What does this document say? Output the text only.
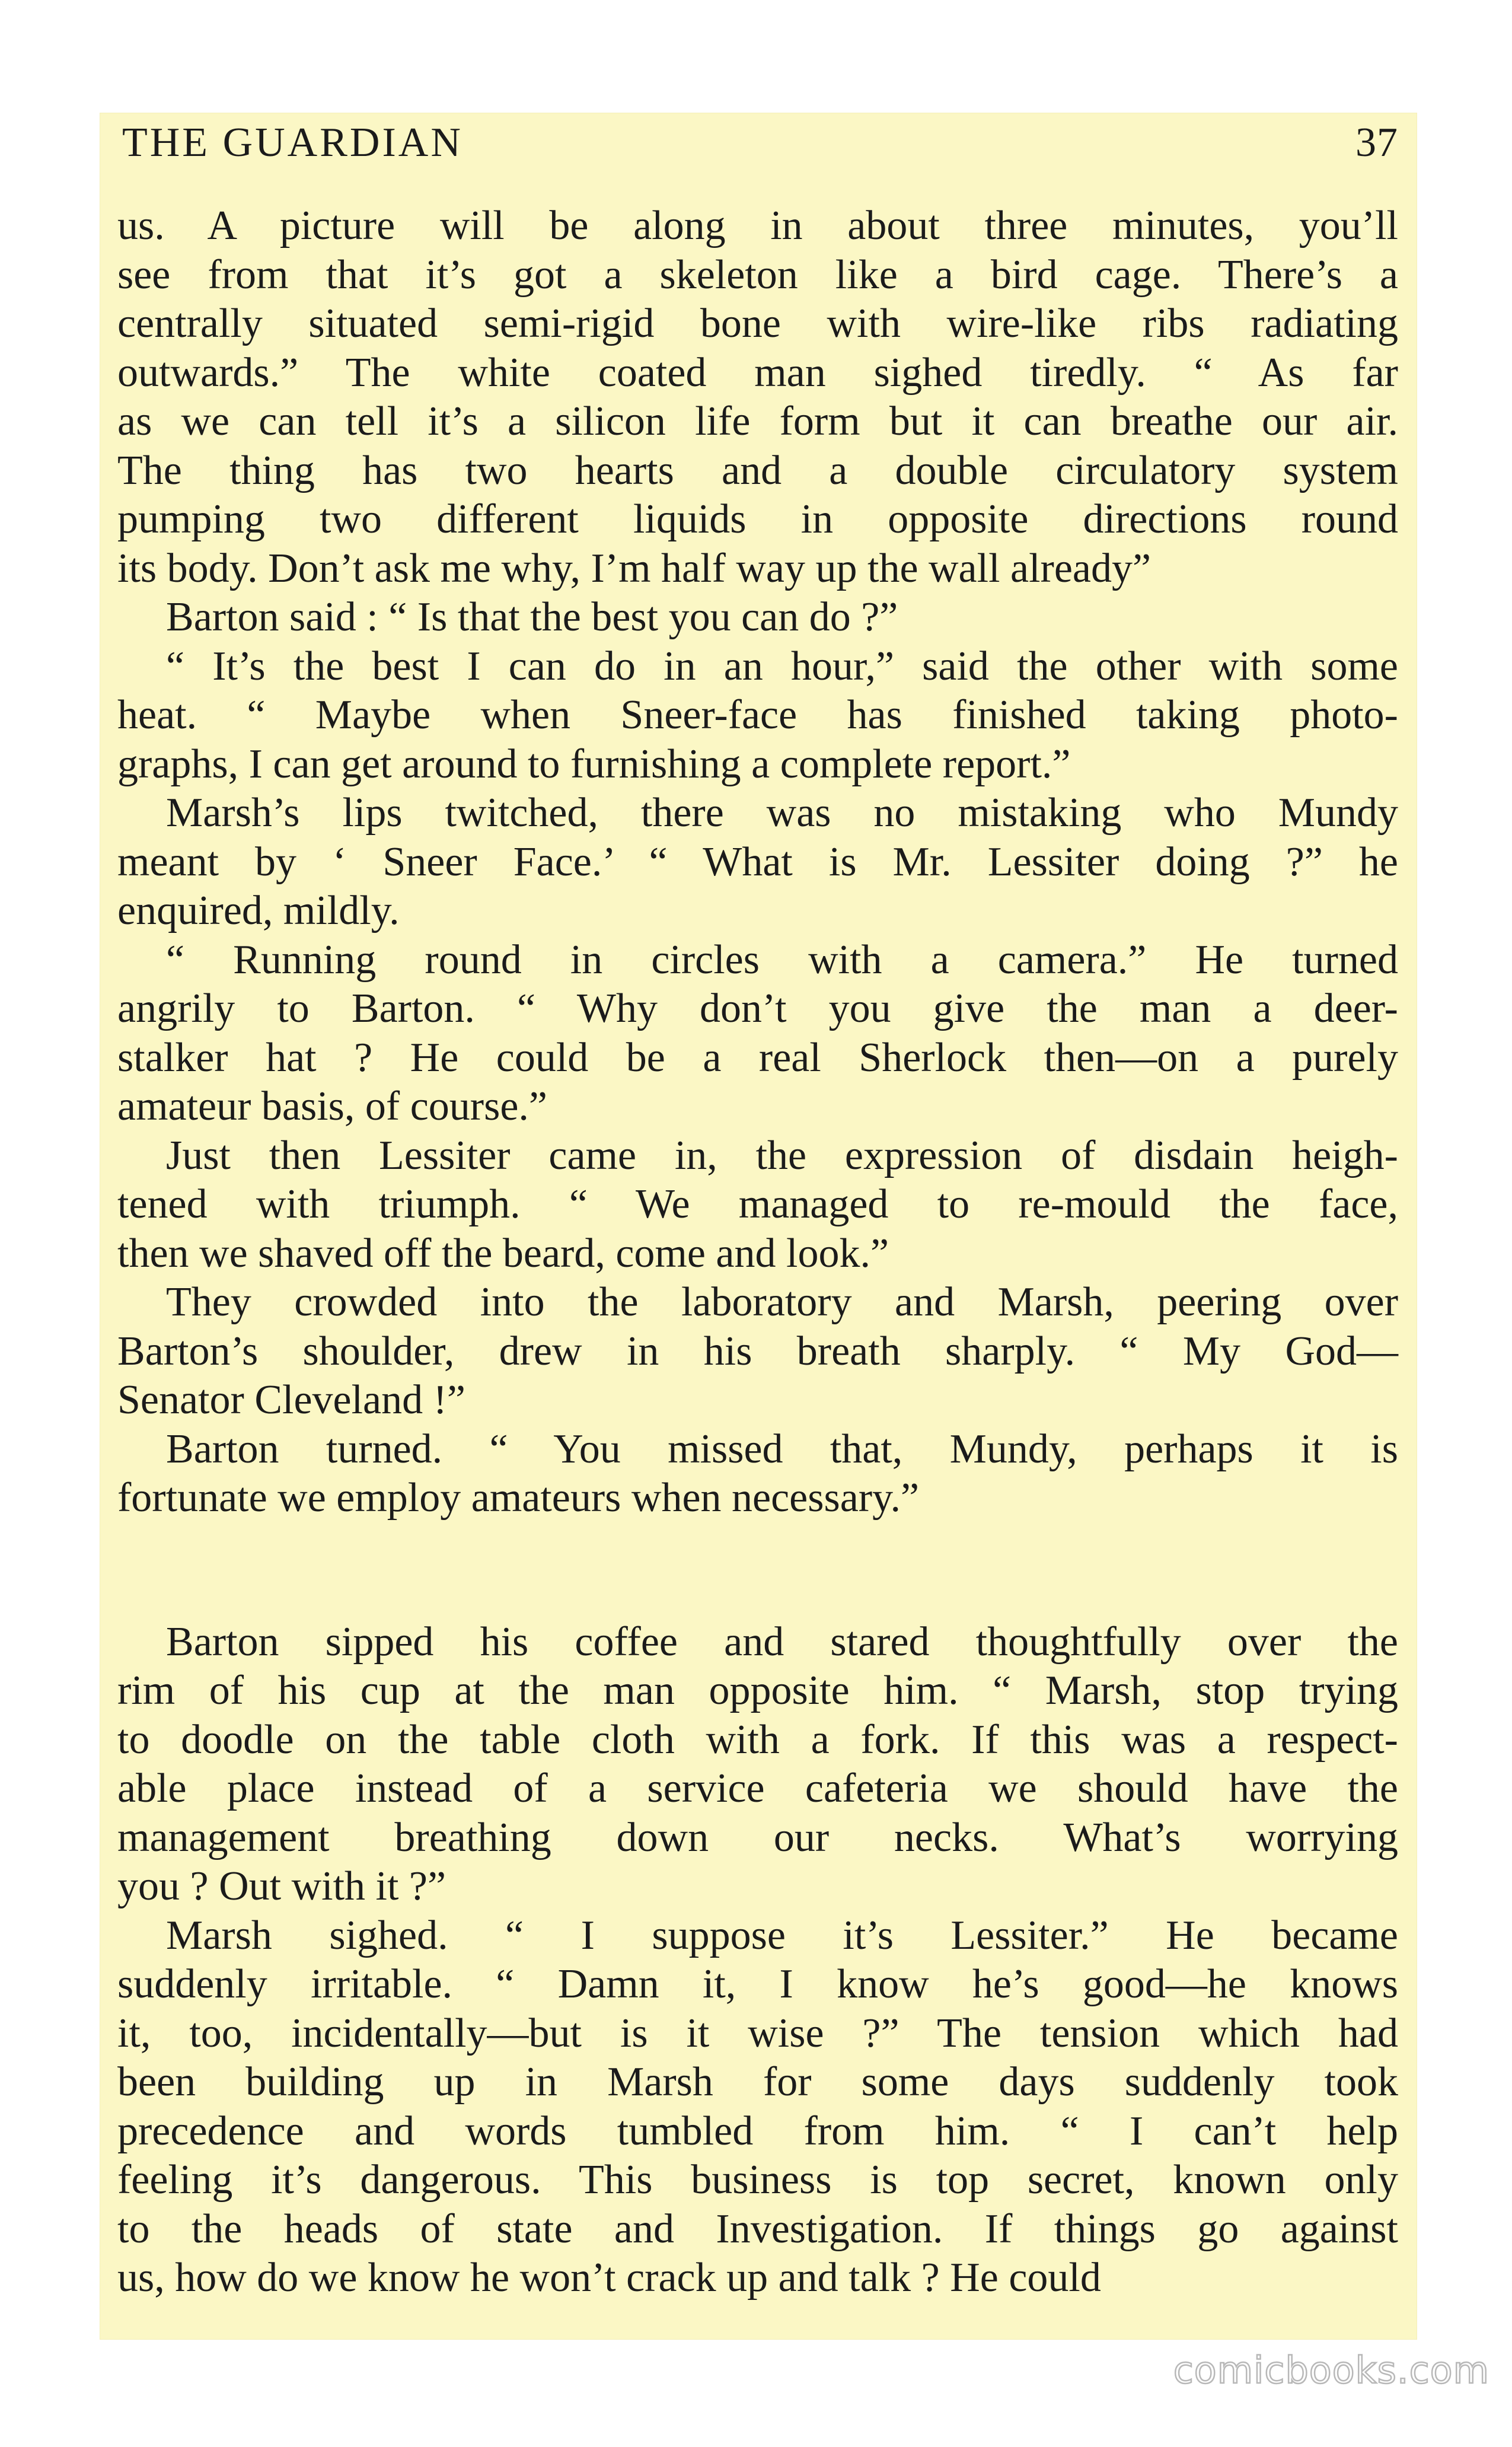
THE GUARDIAN	37
us. A picture will be along in about three minutes, you’ll
see from that it’s got a skeleton like a bird cage. There’s a
centrally situated semi-rigid bone with wire-like ribs radiating
outwards.” The white coated man sighed tiredly. “ As far
as we can tell it’s a silicon life form but it can breathe our air.
The thing has two hearts and a double circulatory system
pumping two different liquids in opposite directions round
its body. Don’t ask me why, I’m half way up the wall already”
Barton said : “ Is that the best you can do ?”
“ It’s the best I can do in an hour,” said the other with some
heat. “ Maybe when Sneer-face has finished taking photo-
graphs, I can get around to furnishing a complete report.”
Marsh’s lips twitched, there was no mistaking who Mundy
meant by ‘ Sneer Face.’ “ What is Mr. Lessiter doing ?” he
enquired, mildly.
“ Running round in circles with a camera.” He turned
angrily to Barton. “ Why don’t you give the man a deer-
stalker hat ? He could be a real Sherlock then—on a purely
amateur basis, of course.”
Just then Lessiter came in, the expression of disdain heigh-
tened with triumph. “ We managed to re-mould the face,
then we shaved off the beard, come and look.”
They crowded into the laboratory and Marsh, peering over
Barton’s shoulder, drew in his breath sharply. “ My God—
Senator Cleveland !”
Barton turned. “ You missed that, Mundy, perhaps it is
fortunate we employ amateurs when necessary.”
Barton sipped his coffee and stared thoughtfully over the
rim of his cup at the man opposite him. “ Marsh, stop trying
to doodle on the table cloth with a fork. If this was a respect-
able place instead of a service cafeteria we should have the
management breathing down our necks. What’s worrying
you ? Out with it ?”
Marsh sighed. “ I suppose it’s Lessiter.” He became
suddenly irritable. “ Damn it, I know he’s good—he knows
it, too, incidentally—but is it wise ?” The tension which had
been building up in Marsh for some days suddenly took
precedence and words tumbled from him. “ I can’t help
feeling it’s dangerous. This business is top secret, known only
to the heads of state and Investigation. If things go against
us, how do we know he won’t crack up and talk ? He could
comicbooks.com
